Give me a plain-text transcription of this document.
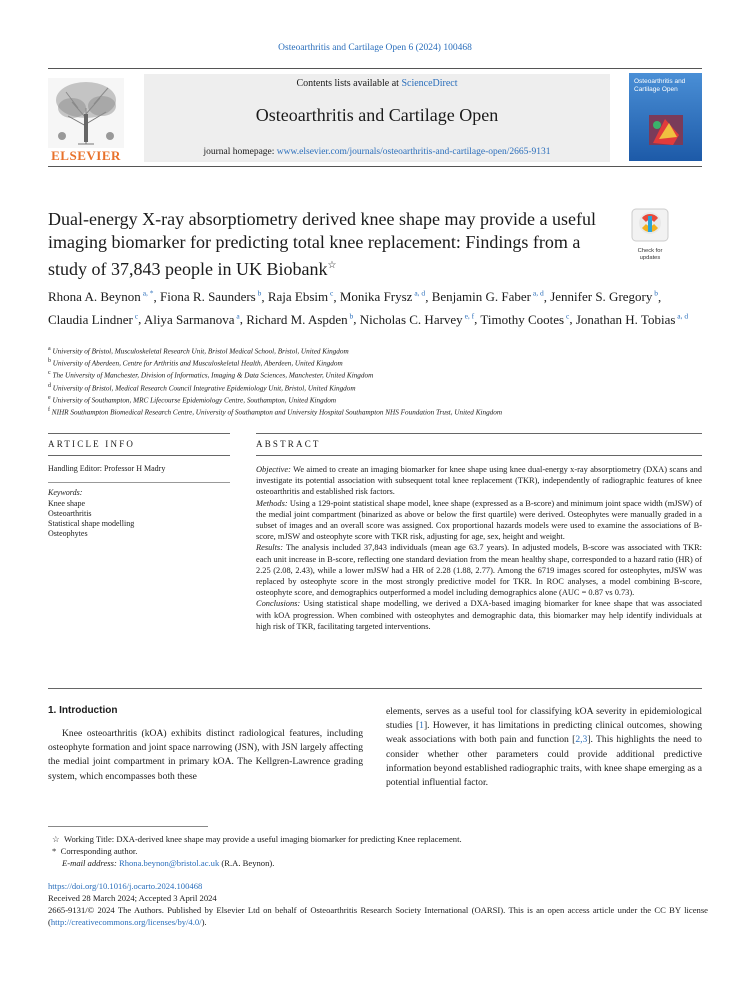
Osteoarthritis and Cartilage Open 6 (2024) 100468
ELSEVIER
Contents lists available at ScienceDirect
Osteoarthritis and Cartilage Open
journal homepage: www.elsevier.com/journals/osteoarthritis-and-cartilage-open/2665-9131
Osteoarthritis and Cartilage Open
Dual-energy X-ray absorptiometry derived knee shape may provide a useful imaging biomarker for predicting total knee replacement: Findings from a study of 37,843 people in UK Biobank☆
Check for updates
Rhona A. Beynon $^{a, *}$, Fiona R. Saunders $^b$, Raja Ebsim $^c$, Monika Frysz $^{a, d}$, Benjamin G. Faber $^{a, d}$, Jennifer S. Gregory $^b$, Claudia Lindner $^c$, Aliya Sarmanova $^a$, Richard M. Aspden $^b$, Nicholas C. Harvey $^{e, f}$, Timothy Cootes $^c$, Jonathan H. Tobias $^{a, d}$
$^a$ University of Bristol, Musculoskeletal Research Unit, Bristol Medical School, Bristol, United Kingdom
$^b$ University of Aberdeen, Centre for Arthritis and Musculoskeletal Health, Aberdeen, United Kingdom
$^c$ The University of Manchester, Division of Informatics, Imaging & Data Sciences, Manchester, United Kingdom
$^d$ University of Bristol, Medical Research Council Integrative Epidemiology Unit, Bristol, United Kingdom
$^e$ University of Southampton, MRC Lifecourse Epidemiology Centre, Southampton, United Kingdom
$^f$ NIHR Southampton Biomedical Research Centre, University of Southampton and University Hospital Southampton NHS Foundation Trust, United Kingdom
ARTICLE INFO
Handling Editor: Professor H Madry
Keywords:
Knee shape
Osteoarthritis
Statistical shape modelling
Osteophytes
ABSTRACT

Objective: We aimed to create an imaging biomarker for knee shape using knee dual-energy x-ray absorptiometry (DXA) scans and investigate its potential association with subsequent total knee replacement (TKR), independently of radiographic features of knee osteoarthritis and established risk factors.

Methods: Using a 129-point statistical shape model, knee shape (expressed as a B-score) and minimum joint space width (mJSW) of the medial joint compartment (binarized as above or below the first quartile) were derived. Osteophytes were manually graded in a subset of images and an overall score was assigned. Cox proportional hazards models were used to examine the associations of B-score, mJSW and osteophyte score with TKR risk, adjusting for age, sex, height and weight.

Results: The analysis included 37,843 individuals (mean age 63.7 years). In adjusted models, B-score was associated with TKR: each unit increase in B-score, reflecting one standard deviation from the mean healthy shape, corresponded to a hazard ratio (HR) of 2.25 (2.08, 2.43), while a lower mJSW had a HR of 2.28 (1.88, 2.77). Among the 6719 images scored for osteophytes, mJSW was replaced by osteophyte score in the most strongly predictive model for TKR. In ROC analyses, a model combining B-score, osteophyte score, and demographics outperformed a model including demographics alone (AUC = 0.87 vs 0.73).

Conclusions: Using statistical shape modelling, we derived a DXA-based imaging biomarker for knee shape that was associated with kOA progression. When combined with osteophytes and demographic data, this biomarker may help identify individuals at high risk of TKR, facilitating targeted interventions.

1. Introduction
Knee osteoarthritis (kOA) exhibits distinct radiological features, including osteophyte formation and joint space narrowing (JSN), with JSN largely affecting the medial joint compartment in primary kOA. The Kellgren-Lawrence grading system, which encompasses both these

elements, serves as a useful tool for classifying kOA severity in epidemiological studies [1]. However, it has limitations in predicting clinical outcomes, showing weak associations with both pain and function [2,3]. This highlights the need to consider whether other parameters could provide additional predictive information beyond established radiographic traits, with knee shape emerging as a potential influential factor.

☆ Working Title: DXA-derived knee shape may provide a useful imaging biomarker for predicting Knee replacement.
* Corresponding author.
E-mail address: Rhona.beynon@bristol.ac.uk (R.A. Beynon).
https://doi.org/10.1016/j.ocarto.2024.100468
Received 28 March 2024; Accepted 3 April 2024
2665-9131/© 2024 The Authors. Published by Elsevier Ltd on behalf of Osteoarthritis Research Society International (OARSI). This is an open access article under the CC BY license (http://creativecommons.org/licenses/by/4.0/).
